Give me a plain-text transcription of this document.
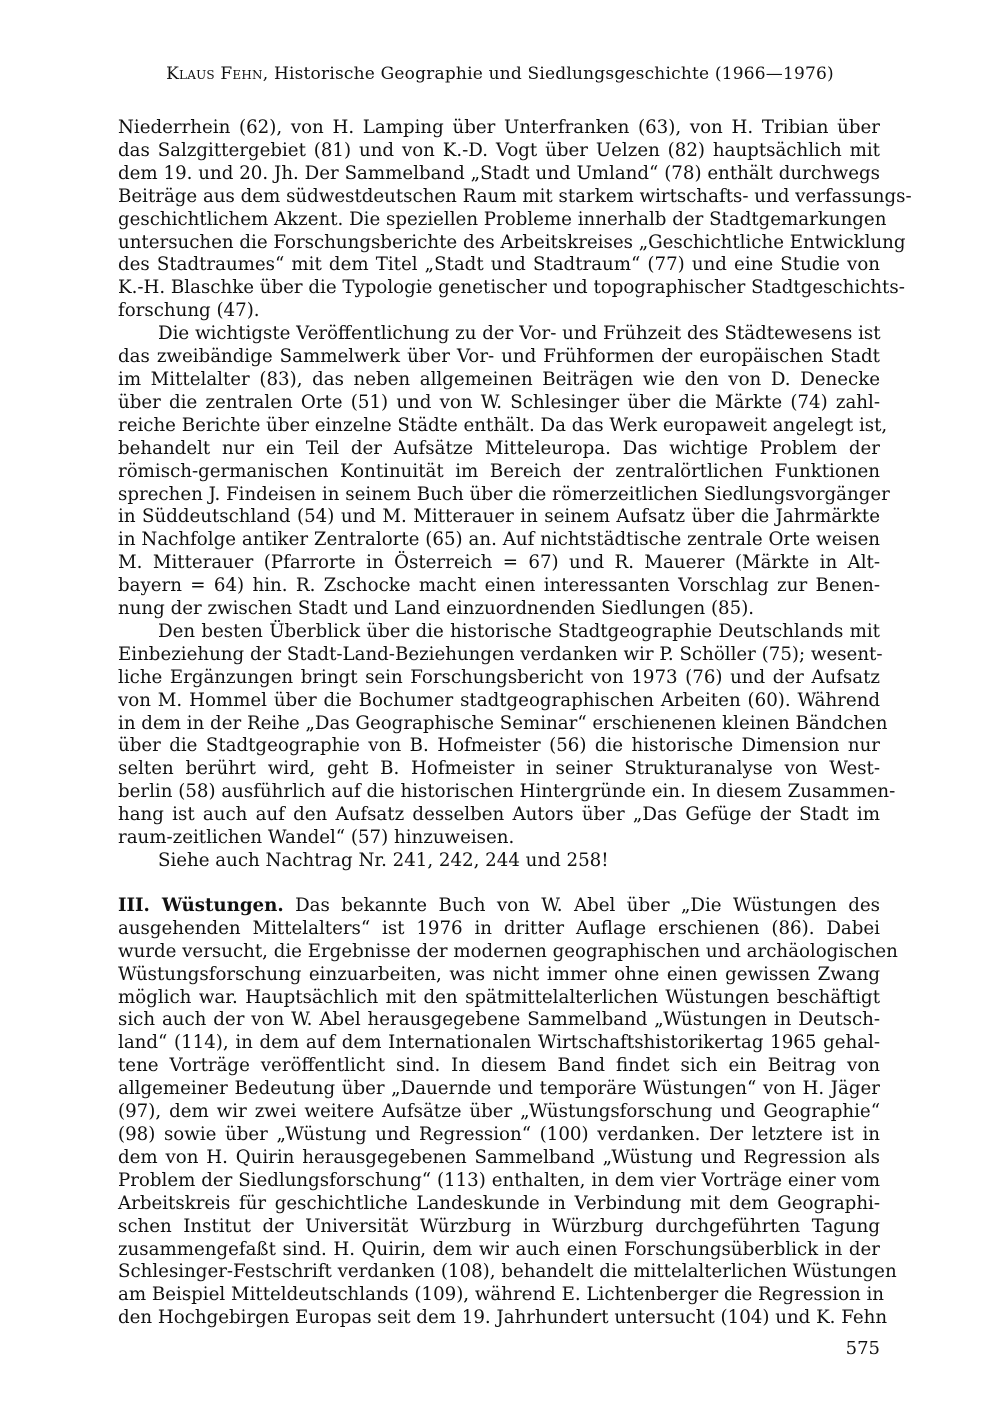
Klaus Fehn, Historische Geographie und Siedlungsgeschichte (1966—1976)
Niederrhein (62), von H. Lamping über Unterfranken (63), von H. Tribian über
das Salzgittergebiet (81) und von K.-D. Vogt über Uelzen (82) hauptsächlich mit
dem 19. und 20. Jh. Der Sammelband „Stadt und Umland“ (78) enthält durchwegs
Beiträge aus dem südwestdeutschen Raum mit starkem wirtschafts- und verfassungs-
geschichtlichem Akzent. Die speziellen Probleme innerhalb der Stadtgemarkungen
untersuchen die Forschungsberichte des Arbeitskreises „Geschichtliche Entwicklung
des Stadtraumes“ mit dem Titel „Stadt und Stadtraum“ (77) und eine Studie von
K.-H. Blaschke über die Typologie genetischer und topographischer Stadtgeschichts-
forschung (47).
Die wichtigste Veröffentlichung zu der Vor- und Frühzeit des Städtewesens ist
das zweibändige Sammelwerk über Vor- und Frühformen der europäischen Stadt
im Mittelalter (83), das neben allgemeinen Beiträgen wie den von D. Denecke
über die zentralen Orte (51) und von W. Schlesinger über die Märkte (74) zahl-
reiche Berichte über einzelne Städte enthält. Da das Werk europaweit angelegt ist,
behandelt nur ein Teil der Aufsätze Mitteleuropa. Das wichtige Problem der
römisch-germanischen Kontinuität im Bereich der zentralörtlichen Funktionen
sprechen J. Findeisen in seinem Buch über die römerzeitlichen Siedlungsvorgänger
in Süddeutschland (54) und M. Mitterauer in seinem Aufsatz über die Jahrmärkte
in Nachfolge antiker Zentralorte (65) an. Auf nichtstädtische zentrale Orte weisen
M. Mitterauer (Pfarrorte in Österreich = 67) und R. Mauerer (Märkte in Alt-
bayern = 64) hin. R. Zschocke macht einen interessanten Vorschlag zur Benen-
nung der zwischen Stadt und Land einzuordnenden Siedlungen (85).
Den besten Überblick über die historische Stadtgeographie Deutschlands mit
Einbeziehung der Stadt-Land-Beziehungen verdanken wir P. Schöller (75); wesent-
liche Ergänzungen bringt sein Forschungsbericht von 1973 (76) und der Aufsatz
von M. Hommel über die Bochumer stadtgeographischen Arbeiten (60). Während
in dem in der Reihe „Das Geographische Seminar“ erschienenen kleinen Bändchen
über die Stadtgeographie von B. Hofmeister (56) die historische Dimension nur
selten berührt wird, geht B. Hofmeister in seiner Strukturanalyse von West-
berlin (58) ausführlich auf die historischen Hintergründe ein. In diesem Zusammen-
hang ist auch auf den Aufsatz desselben Autors über „Das Gefüge der Stadt im
raum-zeitlichen Wandel“ (57) hinzuweisen.
Siehe auch Nachtrag Nr. 241, 242, 244 und 258!
III. Wüstungen. Das bekannte Buch von W. Abel über „Die Wüstungen des
ausgehenden Mittelalters“ ist 1976 in dritter Auflage erschienen (86). Dabei
wurde versucht, die Ergebnisse der modernen geographischen und archäologischen
Wüstungsforschung einzuarbeiten, was nicht immer ohne einen gewissen Zwang
möglich war. Hauptsächlich mit den spätmittelalterlichen Wüstungen beschäftigt
sich auch der von W. Abel herausgegebene Sammelband „Wüstungen in Deutsch-
land“ (114), in dem auf dem Internationalen Wirtschaftshistorikertag 1965 gehal-
tene Vorträge veröffentlicht sind. In diesem Band findet sich ein Beitrag von
allgemeiner Bedeutung über „Dauernde und temporäre Wüstungen“ von H. Jäger
(97), dem wir zwei weitere Aufsätze über „Wüstungsforschung und Geographie“
(98) sowie über „Wüstung und Regression“ (100) verdanken. Der letztere ist in
dem von H. Quirin herausgegebenen Sammelband „Wüstung und Regression als
Problem der Siedlungsforschung“ (113) enthalten, in dem vier Vorträge einer vom
Arbeitskreis für geschichtliche Landeskunde in Verbindung mit dem Geographi-
schen Institut der Universität Würzburg in Würzburg durchgeführten Tagung
zusammengefaßt sind. H. Quirin, dem wir auch einen Forschungsüberblick in der
Schlesinger-Festschrift verdanken (108), behandelt die mittelalterlichen Wüstungen
am Beispiel Mitteldeutschlands (109), während E. Lichtenberger die Regression in
den Hochgebirgen Europas seit dem 19. Jahrhundert untersucht (104) und K. Fehn
575
